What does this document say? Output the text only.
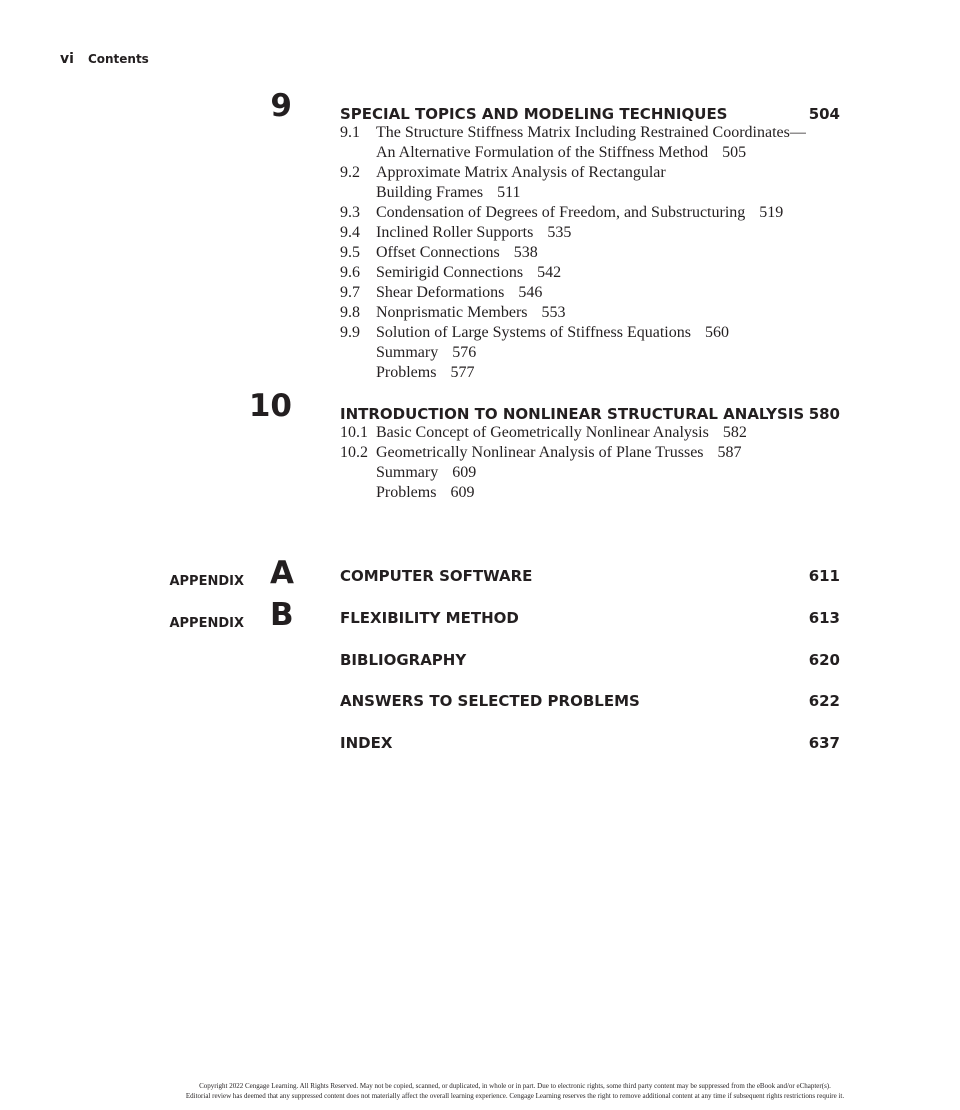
vi Contents
9	SPECIAL TOPICS AND MODELING TECHNIQUES	504
9.1	The Structure Stiffness Matrix Including Restrained Coordinates—
An Alternative Formulation of the Stiffness Method 505
9.2	Approximate Matrix Analysis of Rectangular
Building Frames 511
9.3	Condensation of Degrees of Freedom, and Substructuring 519
9.4	Inclined Roller Supports 535
9.5	Offset Connections 538
9.6	Semirigid Connections 542
9.7	Shear Deformations 546
9.8	Nonprismatic Members 553
9.9	Solution of Large Systems of Stiffness Equations 560
Summary 576
Problems 577
10	INTRODUCTION TO NONLINEAR STRUCTURAL ANALYSIS 580
10.1 Basic Concept of Geometrically Nonlinear Analysis 582
10.2 Geometrically Nonlinear Analysis of Plane Trusses 587
Summary 609
Problems 609
APPENDIX A	COMPUTER SOFTWARE	611
APPENDIX B	FLEXIBILITY METHOD	613
BIBLIOGRAPHY	620
ANSWERS TO SELECTED PROBLEMS	622
INDEX	637
Copyright 2022 Cengage Learning. All Rights Reserved. May not be copied, scanned, or duplicated, in whole or in part. Due to electronic rights, some third party content may be suppressed from the eBook and/or eChapter(s).
Editorial review has deemed that any suppressed content does not materially affect the overall learning experience. Cengage Learning reserves the right to remove additional content at any time if subsequent rights restrictions require it.
